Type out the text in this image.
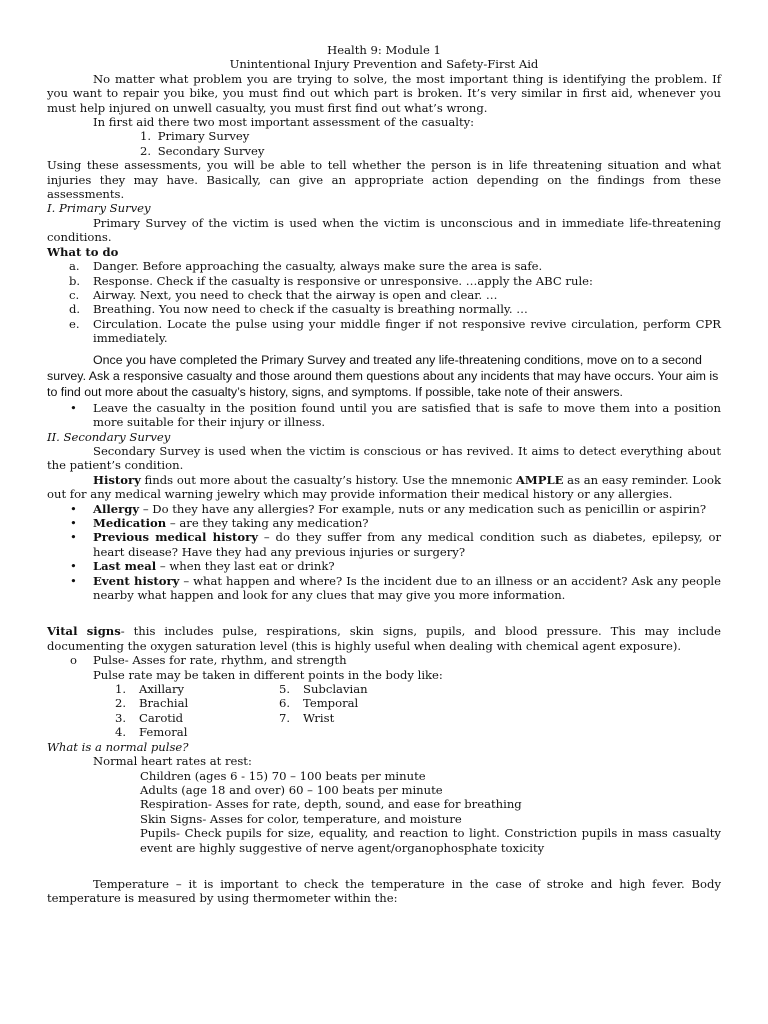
Health 9: Module 1

Unintentional Injury Prevention and Safety-First Aid

No matter what problem you are trying to solve, the most important thing is identifying the problem. If you want to repair you bike, you must find out which part is broken. It’s very similar in first aid, whenever you must help injured on unwell casualty, you must first find out what’s wrong.

In first aid there two most important assessment of the casualty:

1.
Primary Survey
2.
Secondary Survey

Using these assessments, you will be able to tell whether the person is in life threatening situation and what injuries they may have. Basically, can give an appropriate action depending on the findings from these assessments.

I. Primary Survey

Primary Survey of the victim is used when the victim is unconscious and in immediate life-threatening conditions.

What to do

a.	Danger. Before approaching the casualty, always make sure the area is safe.
b.	Response. Check if the casualty is responsive or unresponsive. …apply the ABC rule:
c.	Airway. Next, you need to check that the airway is open and clear. …
d.	Breathing. You now need to check if the casualty is breathing normally. …
e.	Circulation. Locate the pulse using your middle finger if not responsive revive circulation, perform CPR immediately.

Once you have completed the Primary Survey and treated any life-threatening conditions, move on to a second survey. Ask a responsive casualty and those around them questions about any incidents that may have occurs. Your aim is to find out more about the casualty’s history, signs, and symptoms. If possible, take note of their answers.

•	Leave the casualty in the position found until you are satisfied that is safe to move them into a position more suitable for their injury or illness.

II. Secondary Survey

Secondary Survey is used when the victim is conscious or has revived. It aims to detect everything about the patient’s condition.

History finds out more about the casualty’s history. Use the mnemonic AMPLE as an easy reminder. Look out for any medical warning jewelry which may provide information their medical history or any allergies.

•	Allergy – Do they have any allergies? For example, nuts or any medication such as penicillin or aspirin?
•	Medication – are they taking any medication?
•	Previous medical history – do they suffer from any medical condition such as diabetes, epilepsy, or heart disease? Have they had any previous injuries or surgery?
•	Last meal – when they last eat or drink?
•	Event history – what happen and where? Is the incident due to an illness or an accident? Ask any people nearby what happen and look for any clues that may give you more information.

Vital signs- this includes pulse, respirations, skin signs, pupils, and blood pressure. This may include documenting the oxygen saturation level (this is highly useful when dealing with chemical agent exposure).

o	Pulse- Asses for rate, rhythm, and strength

Pulse rate may be taken in different points in the body like:

1.	Axillary
2.	Brachial
3.	Carotid
4.	Femoral
5.	Subclavian
6.	Temporal
7.	Wrist

What is a normal pulse?

Normal heart rates at rest:

Children (ages 6 - 15) 70 – 100 beats per minute

Adults (age 18 and over) 60 – 100 beats per minute

Respiration- Asses for rate, depth, sound, and ease for breathing

Skin Signs- Asses for color, temperature, and moisture

Pupils- Check pupils for size, equality, and reaction to light. Constriction pupils in mass casualty event are highly suggestive of nerve agent/organophosphate toxicity

Temperature – it is important to check the temperature in the case of stroke and high fever. Body temperature is measured by using thermometer within the:
